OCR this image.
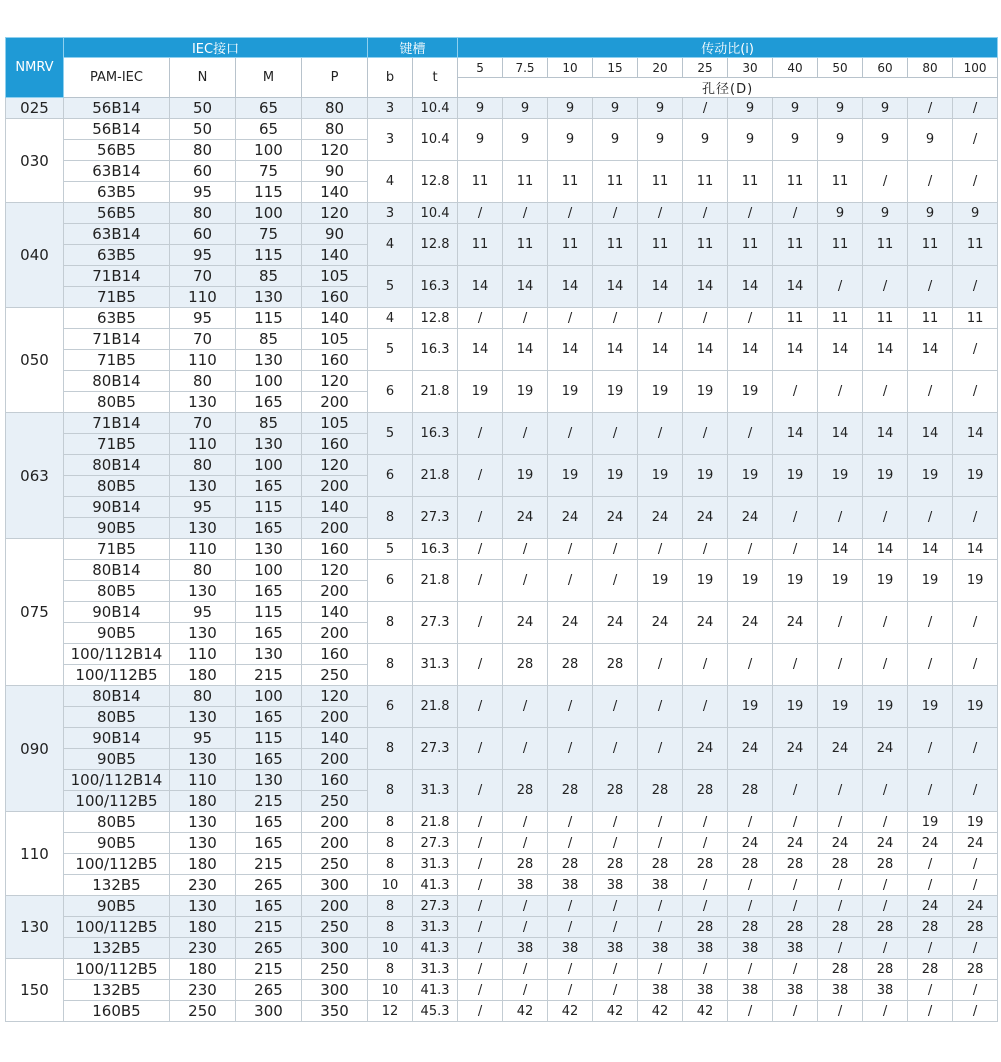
NMRV	IEC接口				键槽		传动比(i)											
	PAM-IEC	N	M	P	b	t	5	7.5	10	15	20	25	30	40	50	60	80	100
							孔径(D)											
025	56B14	50	65	80	3	10.4	9	9	9	9	9	/	9	9	9	9	/	/
030	56B14	50	65	80	3	10.4	9	9	9	9	9	9	9	9	9	9	9	/
	56B5	80	100	120														
	63B14	60	75	90	4	12.8	11	11	11	11	11	11	11	11	11	/	/	/
	63B5	95	115	140														
040	56B5	80	100	120	3	10.4	/	/	/	/	/	/	/	/	9	9	9	9
	63B14	60	75	90	4	12.8	11	11	11	11	11	11	11	11	11	11	11	11
	63B5	95	115	140														
	71B14	70	85	105	5	16.3	14	14	14	14	14	14	14	14	/	/	/	/
	71B5	110	130	160														
050	63B5	95	115	140	4	12.8	/	/	/	/	/	/	/	11	11	11	11	11
	71B14	70	85	105	5	16.3	14	14	14	14	14	14	14	14	14	14	14	/
	71B5	110	130	160														
	80B14	80	100	120	6	21.8	19	19	19	19	19	19	19	/	/	/	/	/
	80B5	130	165	200														
063	71B14	70	85	105	5	16.3	/	/	/	/	/	/	/	14	14	14	14	14
	71B5	110	130	160														
	80B14	80	100	120	6	21.8	/	19	19	19	19	19	19	19	19	19	19	19
	80B5	130	165	200														
	90B14	95	115	140	8	27.3	/	24	24	24	24	24	24	/	/	/	/	/
	90B5	130	165	200														
075	71B5	110	130	160	5	16.3	/	/	/	/	/	/	/	/	14	14	14	14
	80B14	80	100	120	6	21.8	/	/	/	/	19	19	19	19	19	19	19	19
	80B5	130	165	200														
	90B14	95	115	140	8	27.3	/	24	24	24	24	24	24	24	/	/	/	/
	90B5	130	165	200														
	100/112B14	110	130	160	8	31.3	/	28	28	28	/	/	/	/	/	/	/	/
	100/112B5	180	215	250														
090	80B14	80	100	120	6	21.8	/	/	/	/	/	/	19	19	19	19	19	19
	80B5	130	165	200														
	90B14	95	115	140	8	27.3	/	/	/	/	/	24	24	24	24	24	/	/
	90B5	130	165	200														
	100/112B14	110	130	160	8	31.3	/	28	28	28	28	28	28	/	/	/	/	/
	100/112B5	180	215	250														
110	80B5	130	165	200	8	21.8	/	/	/	/	/	/	/	/	/	/	19	19
	90B5	130	165	200	8	27.3	/	/	/	/	/	/	24	24	24	24	24	24
	100/112B5	180	215	250	8	31.3	/	28	28	28	28	28	28	28	28	28	/	/
	132B5	230	265	300	10	41.3	/	38	38	38	38	/	/	/	/	/	/	/
130	90B5	130	165	200	8	27.3	/	/	/	/	/	/	/	/	/	/	24	24
	100/112B5	180	215	250	8	31.3	/	/	/	/	/	28	28	28	28	28	28	28
	132B5	230	265	300	10	41.3	/	38	38	38	38	38	38	38	/	/	/	/
150	100/112B5	180	215	250	8	31.3	/	/	/	/	/	/	/	/	28	28	28	28
	132B5	230	265	300	10	41.3	/	/	/	/	38	38	38	38	38	38	/	/
	160B5	250	300	350	12	45.3	/	42	42	42	42	42	/	/	/	/	/	/
